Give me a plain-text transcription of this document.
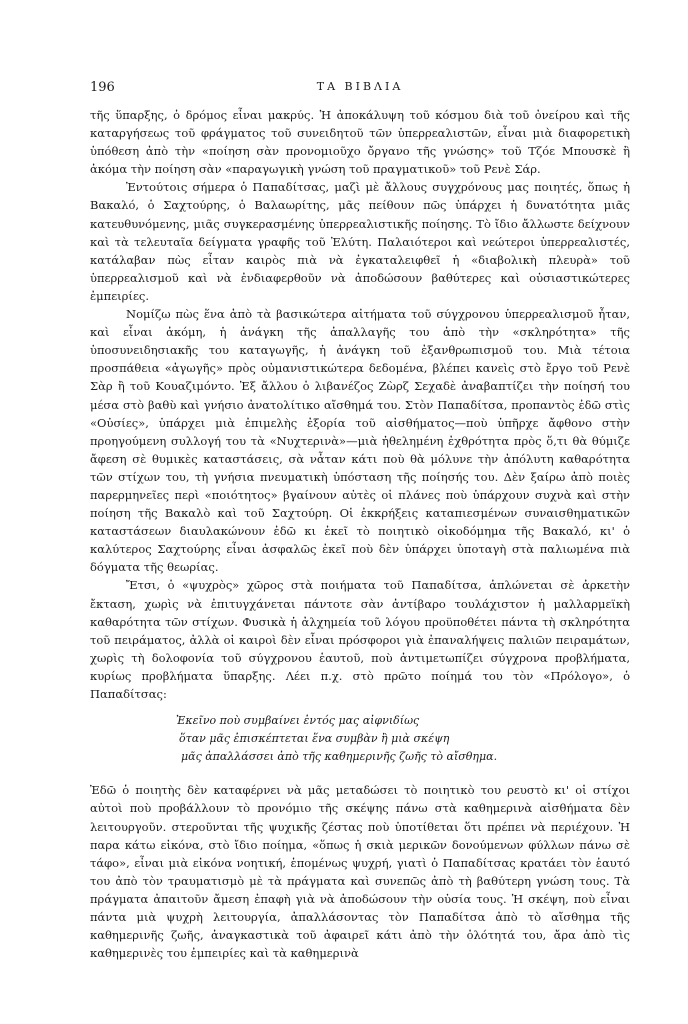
196	ΤΑ ΒΙΒΛΙΑ

τῆς ὕπαρξης, ὁ δρόμος εἶναι μακρύς. Ἡ ἀποκάλυψη τοῦ κόσμου διὰ τοῦ ὀνείρου καὶ τῆς καταργήσεως τοῦ φράγματος τοῦ συνειδητοῦ τῶν ὑπερρεαλιστῶν, εἶναι μιὰ διαφορετικὴ ὑπόθεση ἀπὸ τὴν «ποίηση σὰν προνομιοῦχο ὄργανο τῆς γνώσης» τοῦ Τζόε Μπουσκὲ ἢ ἀκόμα τὴν ποίηση σὰν «παραγωγικὴ γνώση τοῦ πραγματικοῦ» τοῦ Ρενὲ Σάρ.

Ἐντούτοις σήμερα ὁ Παπαδίτσας, μαζὶ μὲ ἄλλους συγχρόνους μας ποιητές, ὅπως ἡ Βακαλό, ὁ Σαχτούρης, ὁ Βαλαωρίτης, μᾶς πείθουν πῶς ὑπάρχει ἡ δυνατότητα μιᾶς κατευθυνόμενης, μιᾶς συγκερασμένης ὑπερρεαλιστικῆς ποίησης. Τὸ ἴδιο ἄλλωστε δείχνουν καὶ τὰ τελευταῖα δείγματα γραφῆς τοῦ Ἐλύτη. Παλαιότεροι καὶ νεώτεροι ὑπερρεαλιστές, κατάλαβαν πὼς εἶταν καιρὸς πιὰ νὰ ἐγκαταλειφθεῖ ἡ «διαβολικὴ πλευρὰ» τοῦ ὑπερρεαλισμοῦ καὶ νὰ ἐνδιαφερθοῦν νὰ ἀποδώσουν βαθύτερες καὶ οὐσιαστικώτερες ἐμπειρίες.

Νομίζω πὼς ἕνα ἀπὸ τὰ βασικώτερα αἰτήματα τοῦ σύγχρονου ὑπερρεαλισμοῦ ἦταν, καὶ εἶναι ἀκόμη, ἡ ἀνάγκη τῆς ἀπαλλαγῆς του ἀπὸ τὴν «σκληρότητα» τῆς ὑποσυνειδησιακῆς του καταγωγῆς, ἡ ἀνάγκη τοῦ ἐξανθρωπισμοῦ του. Μιὰ τέτοια προσπάθεια «ἀγωγῆς» πρὸς οὐμανιστικώτερα δεδομένα, βλέπει κανεὶς στὸ ἔργο τοῦ Ρενὲ Σὰρ ἢ τοῦ Κουαζιμόντο. Ἐξ ἄλλου ὁ λιβανέζος Ζὼρζ Σεχαδὲ ἀναβαπτίζει τὴν ποίησή του μέσα στὸ βαθὺ καὶ γνήσιο ἀνατολίτικο αἴσθημά του. Στὸν Παπαδίτσα, προπαντὸς ἐδῶ στὶς «Οὐσίες», ὑπάρχει μιὰ ἐπιμελὴς ἐξορία τοῦ αἰσθήματος—ποὺ ὑπῆρχε ἄφθονο στὴν προηγούμενη συλλογή του τὰ «Νυχτερινὰ»—μιὰ ἠθελημένη ἐχθρότητα πρὸς ὅ,τι θὰ θύμιζε ἄφεση σὲ θυμικὲς καταστάσεις, σὰ νἆταν κάτι ποὺ θὰ μόλυνε τὴν ἀπόλυτη καθαρότητα τῶν στίχων του, τὴ γνήσια πνευματικὴ ὑπόσταση τῆς ποίησής του. Δὲν ξαίρω ἀπὸ ποιὲς παρερμηνεῖες περὶ «ποιότητος» βγαίνουν αὐτὲς οἱ πλάνες ποὺ ὑπάρχουν συχνὰ καὶ στὴν ποίηση τῆς Βακαλὸ καὶ τοῦ Σαχτούρη. Οἱ ἐκκρήξεις καταπιεσμένων συναισθηματικῶν καταστάσεων διαυλακώνουν ἐδῶ κι ἐκεῖ τὸ ποιητικὸ οἰκοδόμημα τῆς Βακαλό, κι' ὁ καλύτερος Σαχτούρης εἶναι ἀσφαλῶς ἐκεῖ ποὺ δὲν ὑπάρχει ὑποταγὴ στὰ παλιωμένα πιὰ δόγματα τῆς θεωρίας.

Ἔτσι, ὁ «ψυχρὸς» χῶρος στὰ ποιήματα τοῦ Παπαδίτσα, ἁπλώνεται σὲ ἀρκετὴν ἔκταση, χωρὶς νὰ ἐπιτυγχάνεται πάντοτε σὰν ἀντίβαρο τουλάχιστον ἡ μαλλαρμεϊκὴ καθαρότητα τῶν στίχων. Φυσικὰ ἡ ἀλχημεία τοῦ λόγου προϋποθέτει πάντα τὴ σκληρότητα τοῦ πειράματος, ἀλλὰ οἱ καιροὶ δὲν εἶναι πρόσφοροι γιὰ ἐπαναλήψεις παλιῶν πειραμάτων, χωρὶς τὴ δολοφονία τοῦ σύγχρονου ἑαυτοῦ, ποὺ ἀντιμετωπίζει σύγχρονα προβλήματα, κυρίως προβλήματα ὕπαρξης. Λέει π.χ. στὸ πρῶτο ποίημά του τὸν «Πρόλογο», ὁ Παπαδίτσας:

Ἐκεῖνο ποὺ συμβαίνει ἐντός μας αἰφνιδίως
ὅταν μᾶς ἐπισκέπτεται ἕνα συμβὰν ἢ μιὰ σκέψη
μᾶς ἀπαλλάσσει ἀπὸ τῆς καθημερινῆς ζωῆς τὸ αἴσθημα.

Ἐδῶ ὁ ποιητὴς δὲν καταφέρνει νὰ μᾶς μεταδώσει τὸ ποιητικὸ του ρευστὸ κι' οἱ στίχοι αὐτοὶ ποὺ προβάλλουν τὸ προνόμιο τῆς σκέψης πάνω στὰ καθημερινὰ αἰσθήματα δὲν λειτουργοῦν. στεροῦνται τῆς ψυχικῆς ζέστας ποὺ ὑποτίθεται ὅτι πρέπει νὰ περιέχουν. Ἡ παρα κάτω εἰκόνα, στὸ ἴδιο ποίημα, «ὅπως ἡ σκιὰ μερικῶν δονούμενων φύλλων πάνω σὲ τάφο», εἶναι μιὰ εἰκόνα νοητική, ἑπομένως ψυχρή, γιατὶ ὁ Παπαδίτσας κρατάει τὸν ἑαυτό του ἀπὸ τὸν τραυματισμὸ μὲ τὰ πράγματα καὶ συνεπῶς ἀπὸ τὴ βαθύτερη γνώση τους. Τὰ πράγματα ἀπαιτοῦν ἄμεση ἐπαφὴ γιὰ νὰ ἀποδώσουν τὴν οὐσία τους. Ἡ σκέψη, ποὺ εἶναι πάντα μιὰ ψυχρὴ λειτουργία, ἀπαλλάσοντας τὸν Παπαδίτσα ἀπὸ τὸ αἴσθημα τῆς καθημερινῆς ζωῆς, ἀναγκαστικὰ τοῦ ἀφαιρεῖ κάτι ἀπὸ τὴν ὁλότητά του, ἄρα ἀπὸ τὶς καθημερινὲς του ἐμπειρίες καὶ τὰ καθημερινὰ
